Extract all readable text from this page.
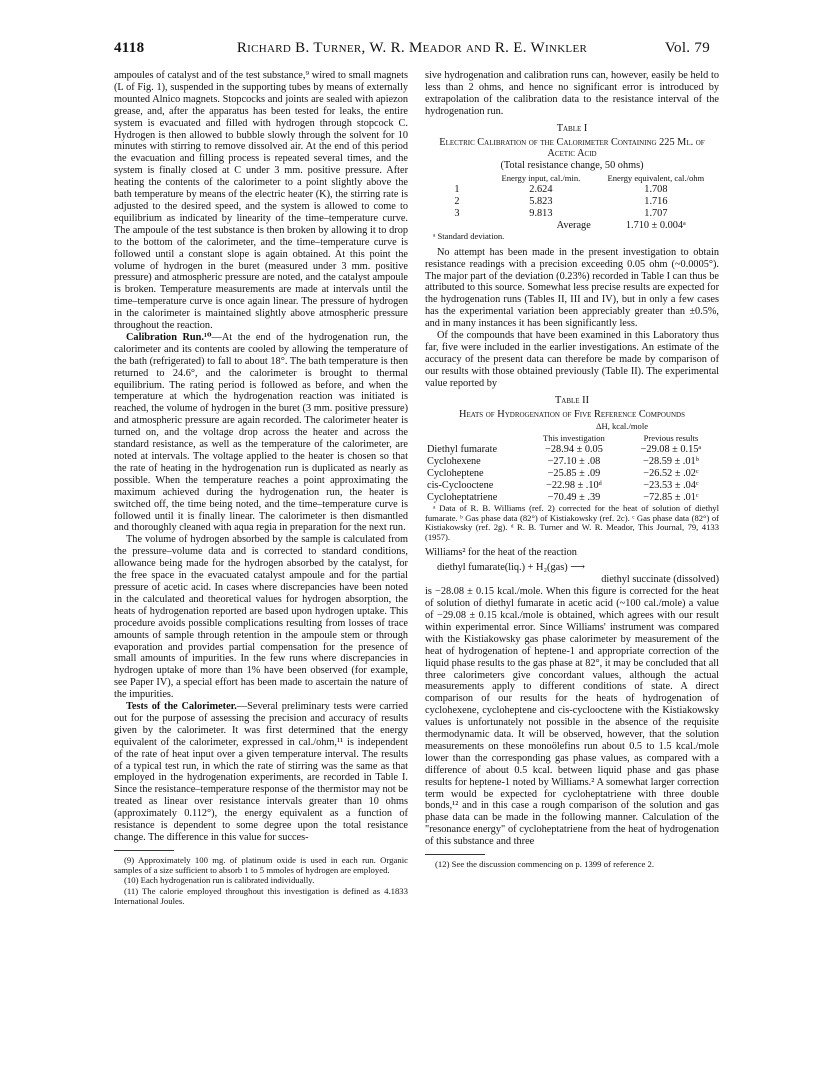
4118	Richard B. Turner, W. R. Meador and R. E. Winkler	Vol. 79

ampoules of catalyst and of the test substance,⁹ wired to small magnets (L of Fig. 1), suspended in the supporting tubes by means of externally mounted Alnico magnets. Stopcocks and joints are sealed with apiezon grease, and, after the apparatus has been tested for leaks, the entire system is evacuated and filled with hydrogen through stopcock C. Hydrogen is then allowed to bubble slowly through the solvent for 10 minutes with stirring to remove dissolved air. At the end of this period the evacuation and filling process is repeated several times, and the system is finally closed at C under 3 mm. positive pressure. After heating the contents of the calorimeter to a point slightly above the bath temperature by means of the electric heater (K), the stirring rate is adjusted to the desired speed, and the system is allowed to come to equilibrium as indicated by linearity of the time–temperature curve. The ampoule of the test substance is then broken by allowing it to drop to the bottom of the calorimeter, and the time–temperature curve is followed until a constant slope is again obtained. At this point the volume of hydrogen in the buret (measured under 3 mm. positive pressure) and atmospheric pressure are noted, and the catalyst ampoule is broken. Temperature measurements are made at intervals until the time–temperature curve is once again linear. The pressure of hydrogen in the calorimeter is maintained slightly above atmospheric pressure throughout the reaction.

Calibration Run.¹⁰—At the end of the hydrogenation run, the calorimeter and its contents are cooled by allowing the temperature of the bath (refrigerated) to fall to about 18°. The bath temperature is then returned to 24.6°, and the calorimeter is brought to thermal equilibrium. The rating period is followed as before, and when the temperature at which the hydrogenation reaction was initiated is reached, the volume of hydrogen in the buret (3 mm. positive pressure) and atmospheric pressure are again recorded. The calorimeter heater is turned on, and the voltage drop across the heater and across the standard resistance, as well as the temperature of the calorimeter, are noted at intervals. The voltage applied to the heater is chosen so that the rate of heating in the hydrogenation run is duplicated as nearly as possible. When the temperature reaches a point approximating the maximum achieved during the hydrogenation run, the heater is switched off, the time being noted, and the time–temperature curve is followed until it is finally linear. The calorimeter is then dismantled and thoroughly cleaned with aqua regia in preparation for the next run.

The volume of hydrogen absorbed by the sample is calculated from the pressure–volume data and is corrected to standard conditions, allowance being made for the hydrogen absorbed by the catalyst, for the free space in the evacuated catalyst ampoule and for the partial pressure of acetic acid. In cases where discrepancies have been noted in the calculated and theoretical values for hydrogen absorption, the heats of hydrogenation reported are based upon hydrogen uptake. This procedure avoids possible complications resulting from losses of trace amounts of sample through retention in the ampoule stem or through evaporation and provides partial compensation for the presence of small amounts of impurities. In the few runs where discrepancies in hydrogen uptake of more than 1% have been observed (for example, see Paper IV), a special effort has been made to ascertain the nature of the impurities.

Tests of the Calorimeter.—Several preliminary tests were carried out for the purpose of assessing the precision and accuracy of results given by the calorimeter. It was first determined that the energy equivalent of the calorimeter, expressed in cal./ohm,¹¹ is independent of the rate of heat input over a given temperature interval. The results of a typical test run, in which the rate of stirring was the same as that employed in the hydrogenation experiments, are recorded in Table I. Since the resistance–temperature response of the thermistor may not be treated as linear over resistance intervals greater than 10 ohms (approximately 0.112°), the energy equivalent as a function of resistance is dependent to some degree upon the total resistance change. The difference in this value for succes-

(9) Approximately 100 mg. of platinum oxide is used in each run. Organic samples of a size sufficient to absorb 1 to 5 mmoles of hydrogen are employed.

(10) Each hydrogenation run is calibrated individually.

(11) The calorie employed throughout this investigation is defined as 4.1833 International Joules.

sive hydrogenation and calibration runs can, however, easily be held to less than 2 ohms, and hence no significant error is introduced by extrapolation of the calibration data to the resistance interval of the hydrogenation run.

Table I

Electric Calibration of the Calorimeter Containing 225 Ml. of Acetic Acid

(Total resistance change, 50 ohms)

	Energy input, cal./min.	Energy equivalent, cal./ohm
1	2.624	1.708
2	5.823	1.716
3	9.813	1.707
	Average	1.710 ± 0.004ᵃ

ᵃ Standard deviation.

No attempt has been made in the present investigation to obtain resistance readings with a precision exceeding 0.05 ohm (~0.0005°). The major part of the deviation (0.23%) recorded in Table I can thus be attributed to this source. Somewhat less precise results are expected for the hydrogenation runs (Tables II, III and IV), but in only a few cases has the experimental variation been appreciably greater than ±0.5%, and in many instances it has been significantly less.

Of the compounds that have been examined in this Laboratory thus far, five were included in the earlier investigations. An estimate of the accuracy of the present data can therefore be made by comparison of our results with those obtained previously (Table II). The experimental value reported by

Table II

Heats of Hydrogenation of Five Reference Compounds

	ΔH, kcal./mole	
	This investigation	Previous results
Diethyl fumarate	−28.94 ± 0.05	−29.08 ± 0.15ᵃ
Cyclohexene	−27.10 ± .08	−28.59 ± .01ᵇ
Cycloheptene	−25.85 ± .09	−26.52 ± .02ᶜ
cis-Cyclooctene	−22.98 ± .10ᵈ	−23.53 ± .04ᶜ
Cycloheptatriene	−70.49 ± .39	−72.85 ± .01ᶜ

ᵃ Data of R. B. Williams (ref. 2) corrected for the heat of solution of diethyl fumarate. ᵇ Gas phase data (82°) of Kistiakowsky (ref. 2c). ᶜ Gas phase data (82°) of Kistiakowsky (ref. 2g). ᵈ R. B. Turner and W. R. Meador, This Journal, 79, 4133 (1957).

Williams² for the heat of the reaction

diethyl fumarate(liq.) + H₂(gas) ⟶

diethyl succinate (dissolved)

is −28.08 ± 0.15 kcal./mole. When this figure is corrected for the heat of solution of diethyl fumarate in acetic acid (~100 cal./mole) a value of −29.08 ± 0.15 kcal./mole is obtained, which agrees with our result within experimental error. Since Williams' instrument was compared with the Kistiakowsky gas phase calorimeter by measurement of the heat of hydrogenation of heptene-1 and appropriate correction of the liquid phase results to the gas phase at 82°, it may be concluded that all three calorimeters give concordant values, although the actual measurements apply to different conditions of state. A direct comparison of our results for the heats of hydrogenation of cyclohexene, cycloheptene and cis-cyclooctene with the Kistiakowsky values is unfortunately not possible in the absence of the requisite thermodynamic data. It will be observed, however, that the solution measurements on these monoölefins run about 0.5 to 1.5 kcal./mole lower than the corresponding gas phase values, as compared with a difference of about 0.5 kcal. between liquid phase and gas phase results for heptene-1 noted by Williams.² A somewhat larger correction term would be expected for cycloheptatriene with three double bonds,¹² and in this case a rough comparison of the solution and gas phase data can be made in the following manner. Calculation of the "resonance energy" of cycloheptatriene from the heat of hydrogenation of this substance and three

(12) See the discussion commencing on p. 1399 of reference 2.
